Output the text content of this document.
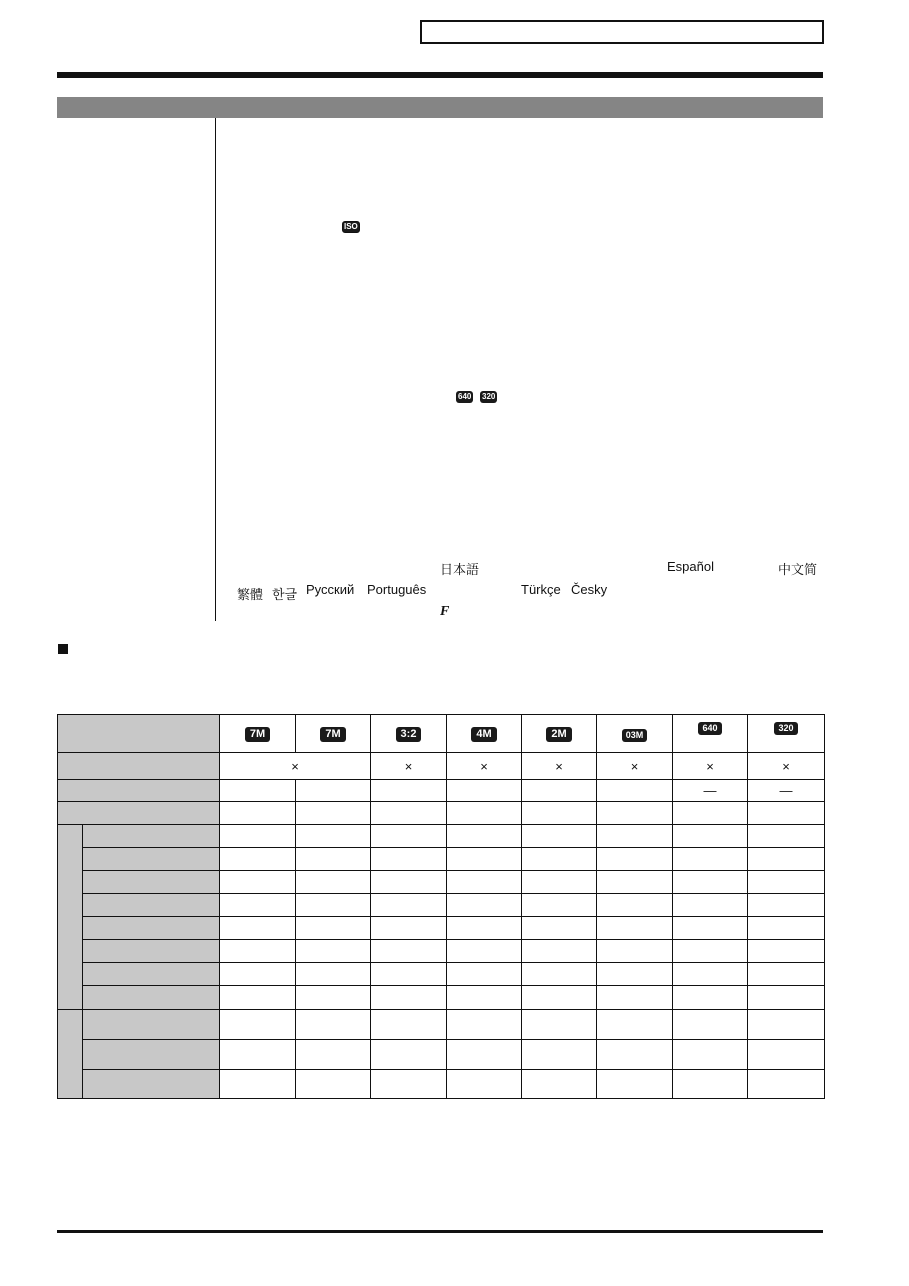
ISO
640 320
日本語	Español	中文简
繁體 한글 Pусский Português	Türkçe Česky
F
		7M	7M	3:2	4M	2M	03M	640	320
		×		×	×	×	×	×	×
								—	—
